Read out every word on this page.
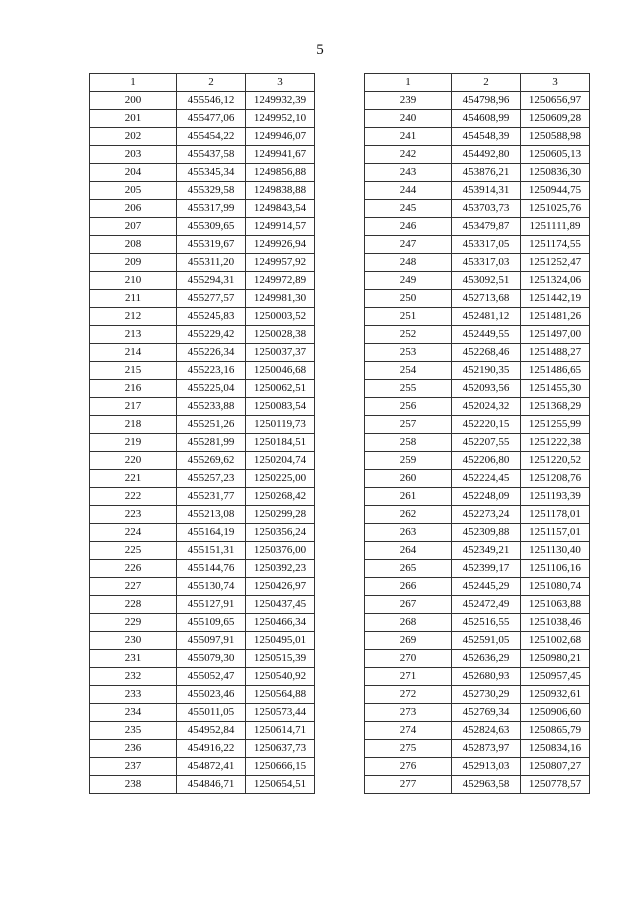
5
1	2	3
200	455546,12	1249932,39
201	455477,06	1249952,10
202	455454,22	1249946,07
203	455437,58	1249941,67
204	455345,34	1249856,88
205	455329,58	1249838,88
206	455317,99	1249843,54
207	455309,65	1249914,57
208	455319,67	1249926,94
209	455311,20	1249957,92
210	455294,31	1249972,89
211	455277,57	1249981,30
212	455245,83	1250003,52
213	455229,42	1250028,38
214	455226,34	1250037,37
215	455223,16	1250046,68
216	455225,04	1250062,51
217	455233,88	1250083,54
218	455251,26	1250119,73
219	455281,99	1250184,51
220	455269,62	1250204,74
221	455257,23	1250225,00
222	455231,77	1250268,42
223	455213,08	1250299,28
224	455164,19	1250356,24
225	455151,31	1250376,00
226	455144,76	1250392,23
227	455130,74	1250426,97
228	455127,91	1250437,45
229	455109,65	1250466,34
230	455097,91	1250495,01
231	455079,30	1250515,39
232	455052,47	1250540,92
233	455023,46	1250564,88
234	455011,05	1250573,44
235	454952,84	1250614,71
236	454916,22	1250637,73
237	454872,41	1250666,15
238	454846,71	1250654,51
1	2	3
239	454798,96	1250656,97
240	454608,99	1250609,28
241	454548,39	1250588,98
242	454492,80	1250605,13
243	453876,21	1250836,30
244	453914,31	1250944,75
245	453703,73	1251025,76
246	453479,87	1251111,89
247	453317,05	1251174,55
248	453317,03	1251252,47
249	453092,51	1251324,06
250	452713,68	1251442,19
251	452481,12	1251481,26
252	452449,55	1251497,00
253	452268,46	1251488,27
254	452190,35	1251486,65
255	452093,56	1251455,30
256	452024,32	1251368,29
257	452220,15	1251255,99
258	452207,55	1251222,38
259	452206,80	1251220,52
260	452224,45	1251208,76
261	452248,09	1251193,39
262	452273,24	1251178,01
263	452309,88	1251157,01
264	452349,21	1251130,40
265	452399,17	1251106,16
266	452445,29	1251080,74
267	452472,49	1251063,88
268	452516,55	1251038,46
269	452591,05	1251002,68
270	452636,29	1250980,21
271	452680,93	1250957,45
272	452730,29	1250932,61
273	452769,34	1250906,60
274	452824,63	1250865,79
275	452873,97	1250834,16
276	452913,03	1250807,27
277	452963,58	1250778,57
